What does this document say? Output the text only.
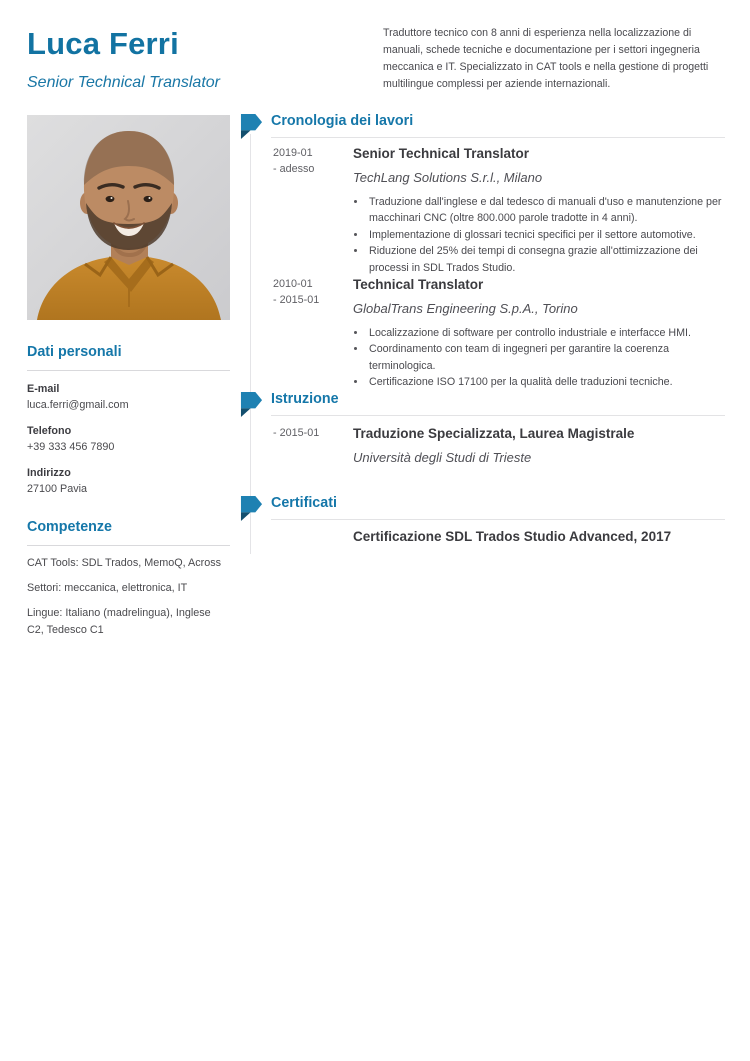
Luca Ferri
Senior Technical Translator
Traduttore tecnico con 8 anni di esperienza nella localizzazione di manuali, schede tecniche e documentazione per i settori ingegneria meccanica e IT. Specializzato in CAT tools e nella gestione di progetti multilingue complessi per aziende internazionali.
Dati personali
E-mail
luca.ferri@gmail.com
Telefono
+39 333 456 7890
Indirizzo
27100 Pavia
Competenze
CAT Tools: SDL Trados, MemoQ, Across
Settori: meccanica, elettronica, IT
Lingue: Italiano (madrelingua), Inglese C2, Tedesco C1
Cronologia dei lavori
2019-01
- adesso
Senior Technical Translator
TechLang Solutions S.r.l., Milano
• Traduzione dall'inglese e dal tedesco di manuali d'uso e manutenzione per macchinari CNC (oltre 800.000 parole tradotte in 4 anni).
• Implementazione di glossari tecnici specifici per il settore automotive.
• Riduzione del 25% dei tempi di consegna grazie all'ottimizzazione dei processi in SDL Trados Studio.
2010-01
- 2015-01
Technical Translator
GlobalTrans Engineering S.p.A., Torino
• Localizzazione di software per controllo industriale e interfacce HMI.
• Coordinamento con team di ingegneri per garantire la coerenza terminologica.
• Certificazione ISO 17100 per la qualità delle traduzioni tecniche.
Istruzione
- 2015-01	Traduzione Specializzata, Laurea Magistrale
Università degli Studi di Trieste
Certificati
Certificazione SDL Trados Studio Advanced, 2017
